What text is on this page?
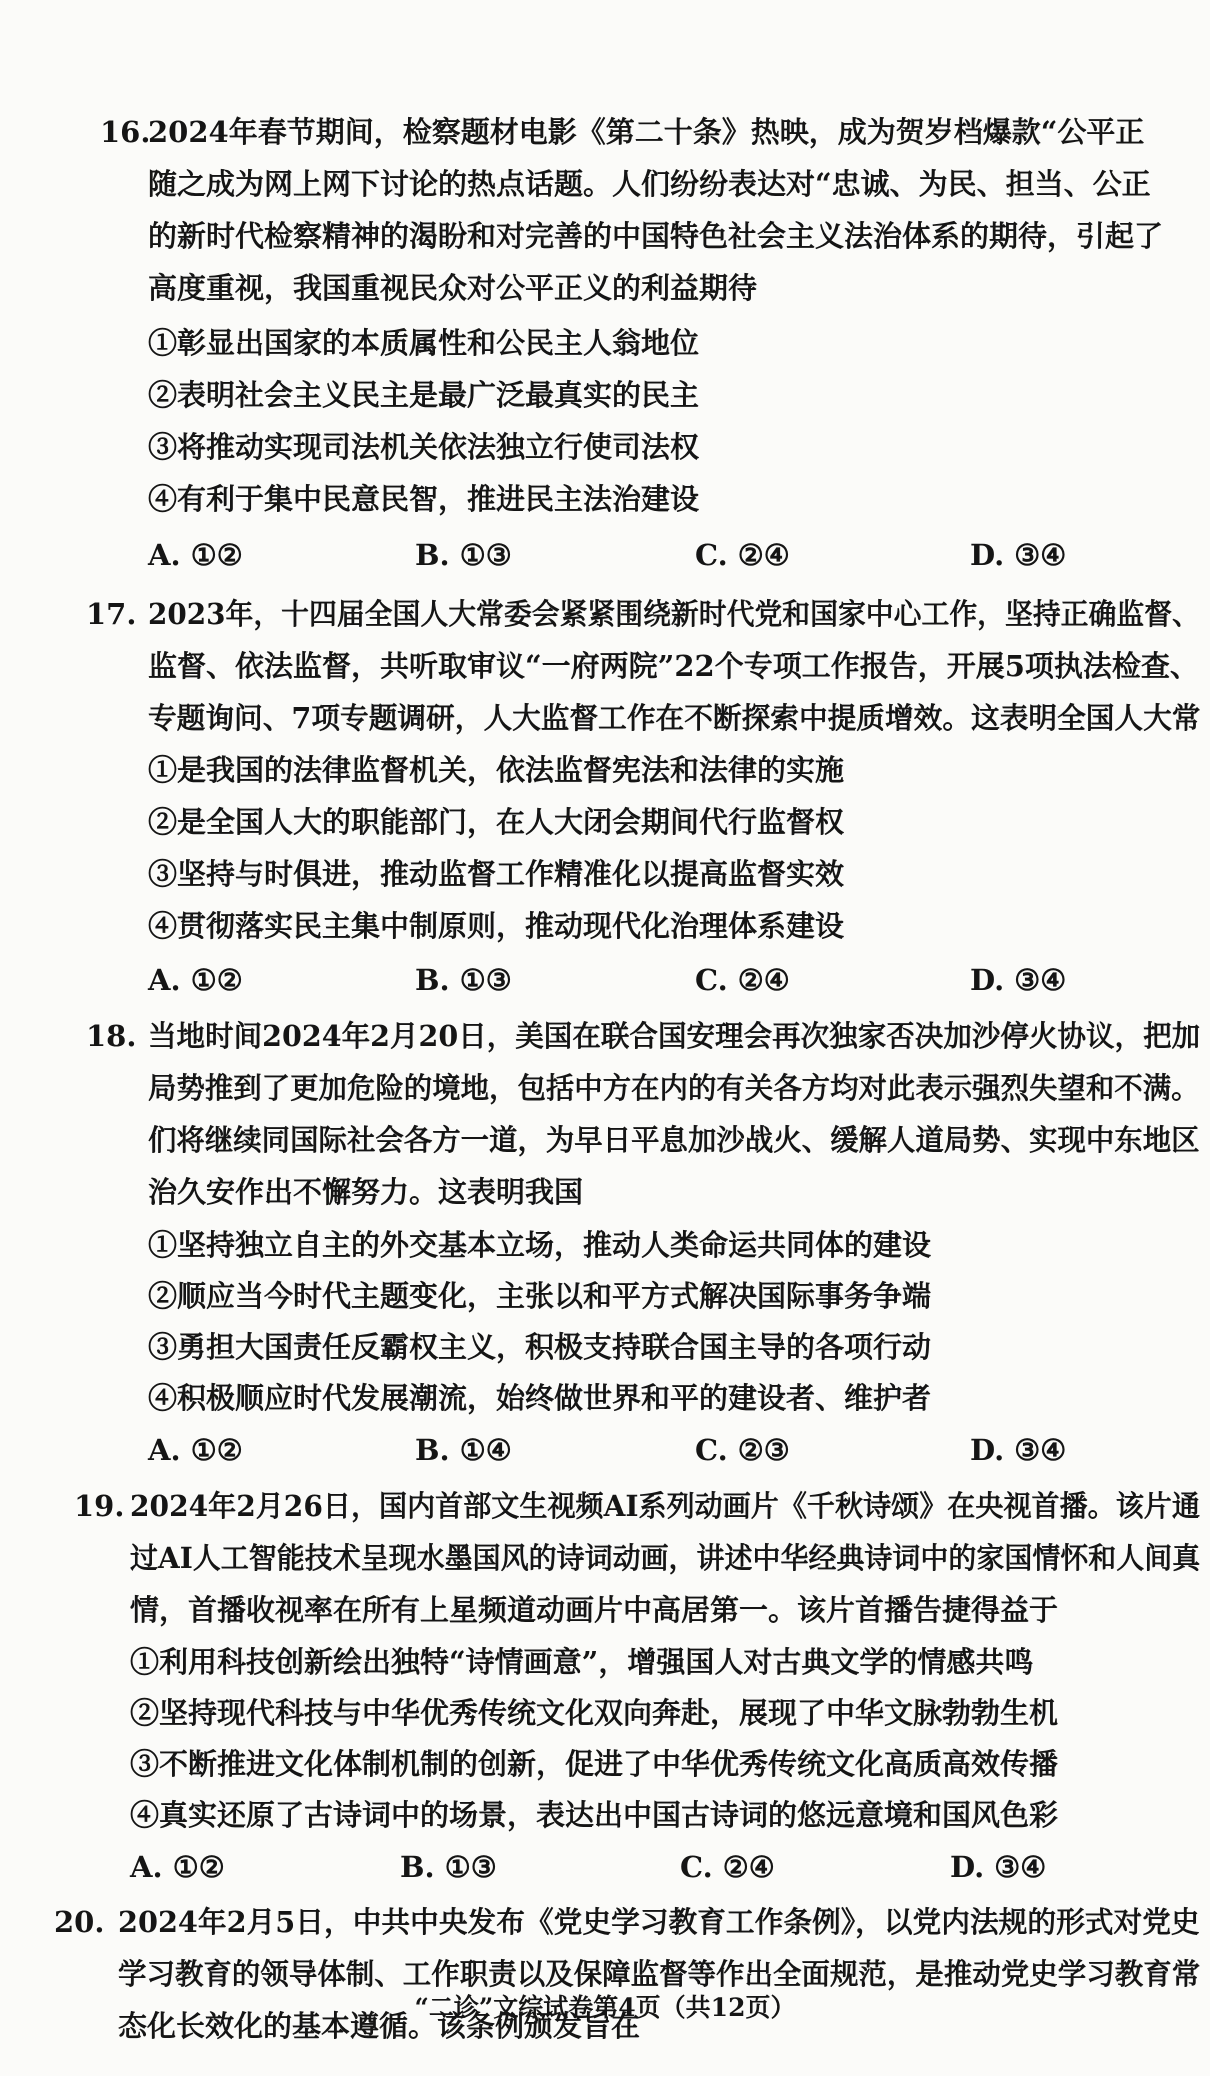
16.
2024年春节期间，检察题材电影《第二十条》热映，成为贺岁档爆款“公平正
随之成为网上网下讨论的热点话题。人们纷纷表达对“忠诚、为民、担当、公正
的新时代检察精神的渴盼和对完善的中国特色社会主义法治体系的期待，引起了
高度重视，我国重视民众对公平正义的利益期待
①彰显出国家的本质属性和公民主人翁地位
②表明社会主义民主是最广泛最真实的民主
③将推动实现司法机关依法独立行使司法权
④有利于集中民意民智，推进民主法治建设
A. ①②	B. ①③	C. ②④	D. ③④
17. 2023年，十四届全国人大常委会紧紧围绕新时代党和国家中心工作，坚持正确监督、
监督、依法监督，共听取审议“一府两院”22个专项工作报告，开展5项执法检查、
专题询问、7项专题调研，人大监督工作在不断探索中提质增效。这表明全国人大常
①是我国的法律监督机关，依法监督宪法和法律的实施
②是全国人大的职能部门，在人大闭会期间代行监督权
③坚持与时俱进，推动监督工作精准化以提高监督实效
④贯彻落实民主集中制原则，推动现代化治理体系建设
A. ①②	B. ①③	C. ②④	D. ③④
18. 当地时间2024年2月20日，美国在联合国安理会再次独家否决加沙停火协议，把加
局势推到了更加危险的境地，包括中方在内的有关各方均对此表示强烈失望和不满。
们将继续同国际社会各方一道，为早日平息加沙战火、缓解人道局势、实现中东地区
治久安作出不懈努力。这表明我国
①坚持独立自主的外交基本立场，推动人类命运共同体的建设
②顺应当今时代主题变化，主张以和平方式解决国际事务争端
③勇担大国责任反霸权主义，积极支持联合国主导的各项行动
④积极顺应时代发展潮流，始终做世界和平的建设者、维护者
A. ①②	B. ①④	C. ②③	D. ③④
19. 2024年2月26日，国内首部文生视频AI系列动画片《千秋诗颂》在央视首播。该片通
过AI人工智能技术呈现水墨国风的诗词动画，讲述中华经典诗词中的家国情怀和人间真
情，首播收视率在所有上星频道动画片中高居第一。该片首播告捷得益于
①利用科技创新绘出独特“诗情画意”，增强国人对古典文学的情感共鸣
②坚持现代科技与中华优秀传统文化双向奔赴，展现了中华文脉勃勃生机
③不断推进文化体制机制的创新，促进了中华优秀传统文化高质高效传播
④真实还原了古诗词中的场景，表达出中国古诗词的悠远意境和国风色彩
A. ①②	B. ①③	C. ②④	D. ③④
20. 2024年2月5日，中共中央发布《党史学习教育工作条例》，以党内法规的形式对党史
学习教育的领导体制、工作职责以及保障监督等作出全面规范，是推动党史学习教育常
态化长效化的基本遵循。该条例颁发旨在
“二诊”文综试卷第4页（共12页）
